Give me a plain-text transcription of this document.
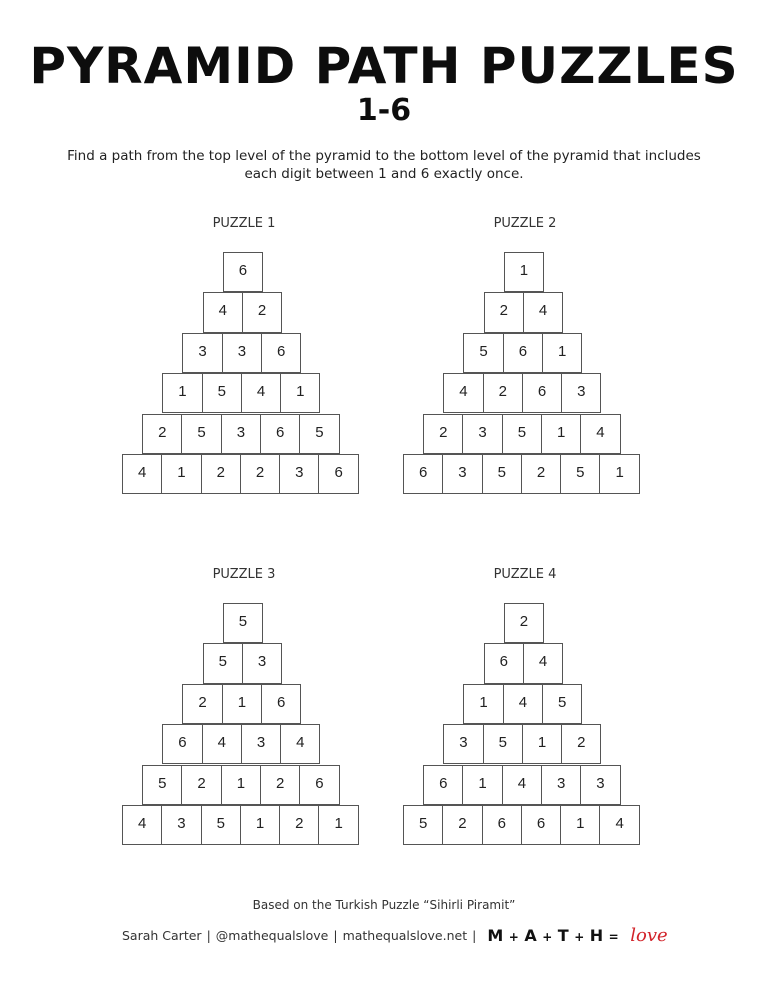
PYRAMID PATH PUZZLES
1-6
Find a path from the top level of the pyramid to the bottom level of the pyramid that includes each digit between 1 and 6 exactly once.
PUZZLE 1
6
4	2
3	3	6
1	5	4	1
2	5	3	6	5
4	1	2	2	3	6
PUZZLE 2
1
2	4
5	6	1
4	2	6	3
2	3	5	1	4
6	3	5	2	5	1
PUZZLE 3
5
5	3
2	1	6
6	4	3	4
5	2	1	2	6
4	3	5	1	2	1
PUZZLE 4
2
6	4
1	4	5
3	5	1	2
6	1	4	3	3
5	2	6	6	1	4
Based on the Turkish Puzzle “Sihirli Piramit”
Sarah Carter | @mathequalslove | mathequalslove.net | M + A + T + H = love
